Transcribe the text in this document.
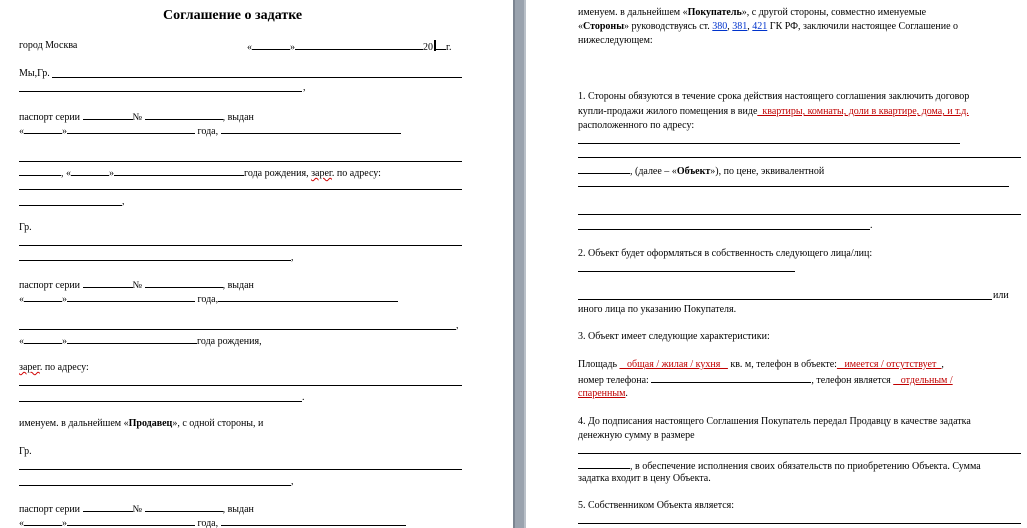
Соглашение о задатке
город Москва	«	»	20 г.
Мы,Гр.
,
паспорт серии	№	, выдан
«	»	года,
, «	»	года рождения, зарег. по адресу:
,
Гр.
,
паспорт серии	№	, выдан
«	»	года,
,
«	»	года рождения,
зарег. по адресу:
.
именуем. в дальнейшем «Продавец», с одной стороны, и
Гр.
,
паспорт серии	№	, выдан
«	»	года,
именуем. в дальнейшем «Покупатель», с другой стороны, совместно именуемые
«Стороны» руководствуясь ст. 380, 381, 421 ГК РФ, заключили настоящее Соглашение о
нижеследующем:
1. Стороны обязуются в течение срока действия настоящего соглашения заключить договор
купли-продажи жилого помещения в виде_квартиры, комнаты, доли в квартире, дома, и т.д.
расположенного по адресу:
, (далее – «Объект»), по цене, эквивалентной
.
2. Объект будет оформляться в собственность следующего лица/лиц:
или
иного лица по указанию Покупателя.
3. Объект имеет следующие характеристики:
Площадь _ общая / жилая / кухня _ кв. м, телефон в объекте:_ имеется / отсутствует_,
номер телефона:	, телефон является _ отдельным /
спаренным.
4. До подписания настоящего Соглашения Покупатель передал Продавцу в качестве задатка
денежную сумму в размере
, в обеспечение исполнения своих обязательств по приобретению Объекта. Сумма
задатка входит в цену Объекта.
5. Собственником Объекта является:
